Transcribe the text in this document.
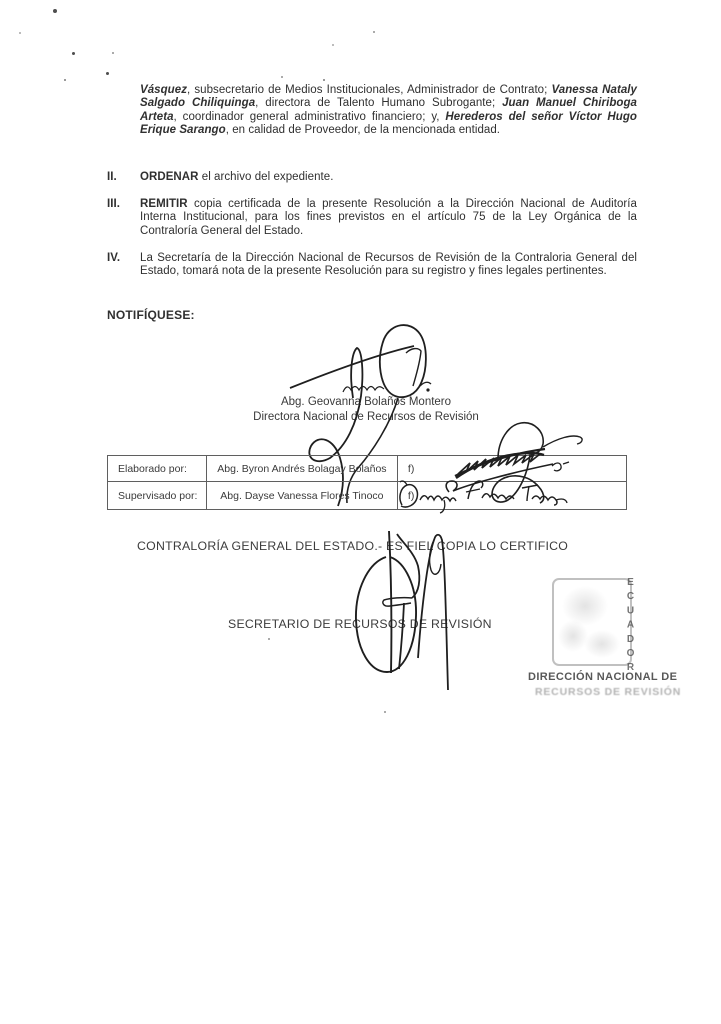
Vásquez, subsecretario de Medios Institucionales, Administrador de Contrato; Vanessa Nataly Salgado Chiliquinga, directora de Talento Humano Subrogante; Juan Manuel Chiriboga Arteta, coordinador general administrativo financiero; y, Herederos del señor Víctor Hugo Erique Sarango, en calidad de Proveedor, de la mencionada entidad.
II.	ORDENAR el archivo del expediente.
III.	REMITIR copia certificada de la presente Resolución a la Dirección Nacional de Auditoría Interna Institucional, para los fines previstos en el artículo 75 de la Ley Orgánica de la Contraloría General del Estado.
IV.	La Secretaría de la Dirección Nacional de Recursos de Revisión de la Contraloria General del Estado, tomará nota de la presente Resolución para su registro y fines legales pertinentes.
NOTIFÍQUESE:
Abg. Geovanna Bolaños Montero
Directora Nacional de Recursos de Revisión
Elaborado por:	Abg. Byron Andrés Bolagay Bolaños	f)
Supervisado por:	Abg. Dayse Vanessa Flores Tinoco	f)
CONTRALORÍA GENERAL DEL ESTADO.- ES FIEL COPIA LO CERTIFICO
SECRETARIO DE RECURSOS DE REVISIÓN	ECUADOR
DIRECCIÓN NACIONAL DE
RECURSOS DE REVISIÓN
